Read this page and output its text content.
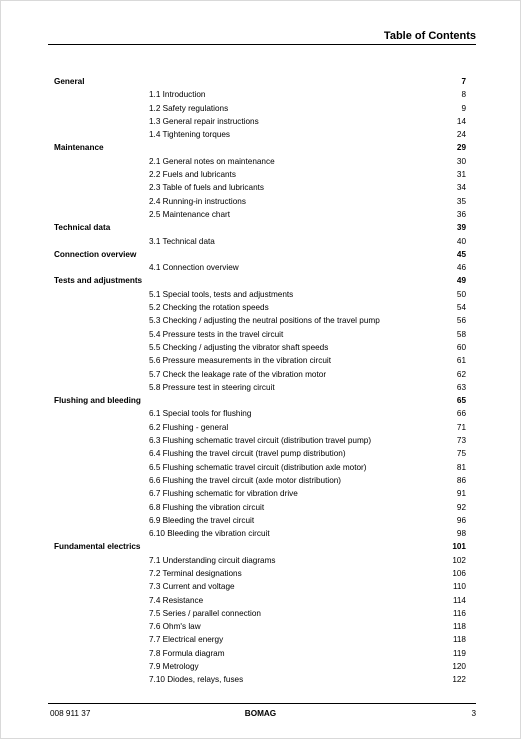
Table of Contents
General	7
1.1 Introduction	8
1.2 Safety regulations	9
1.3 General repair instructions	14
1.4 Tightening torques	24
Maintenance	29
2.1 General notes on maintenance	30
2.2 Fuels and lubricants	31
2.3 Table of fuels and lubricants	34
2.4 Running-in instructions	35
2.5 Maintenance chart	36
Technical data	39
3.1 Technical data	40
Connection overview	45
4.1 Connection overview	46
Tests and adjustments	49
5.1 Special tools, tests and adjustments	50
5.2 Checking the rotation speeds	54
5.3 Checking / adjusting the neutral positions of the travel pump	56
5.4 Pressure tests in the travel circuit	58
5.5 Checking / adjusting the vibrator shaft speeds	60
5.6 Pressure measurements in the vibration circuit	61
5.7 Check the leakage rate of the vibration motor	62
5.8 Pressure test in steering circuit	63
Flushing and bleeding	65
6.1 Special tools for flushing	66
6.2 Flushing - general	71
6.3 Flushing schematic travel circuit (distribution travel pump)	73
6.4 Flushing the travel circuit (travel pump distribution)	75
6.5 Flushing schematic travel circuit (distribution axle motor)	81
6.6 Flushing the travel circuit (axle motor distribution)	86
6.7 Flushing schematic for vibration drive	91
6.8 Flushing the vibration circuit	92
6.9 Bleeding the travel circuit	96
6.10 Bleeding the vibration circuit	98
Fundamental electrics	101
7.1 Understanding circuit diagrams	102
7.2 Terminal designations	106
7.3 Current and voltage	110
7.4 Resistance	114
7.5 Series / parallel connection	116
7.6 Ohm's law	118
7.7 Electrical energy	118
7.8 Formula diagram	119
7.9 Metrology	120
7.10 Diodes, relays, fuses	122
008 911 37	BOMAG	3
